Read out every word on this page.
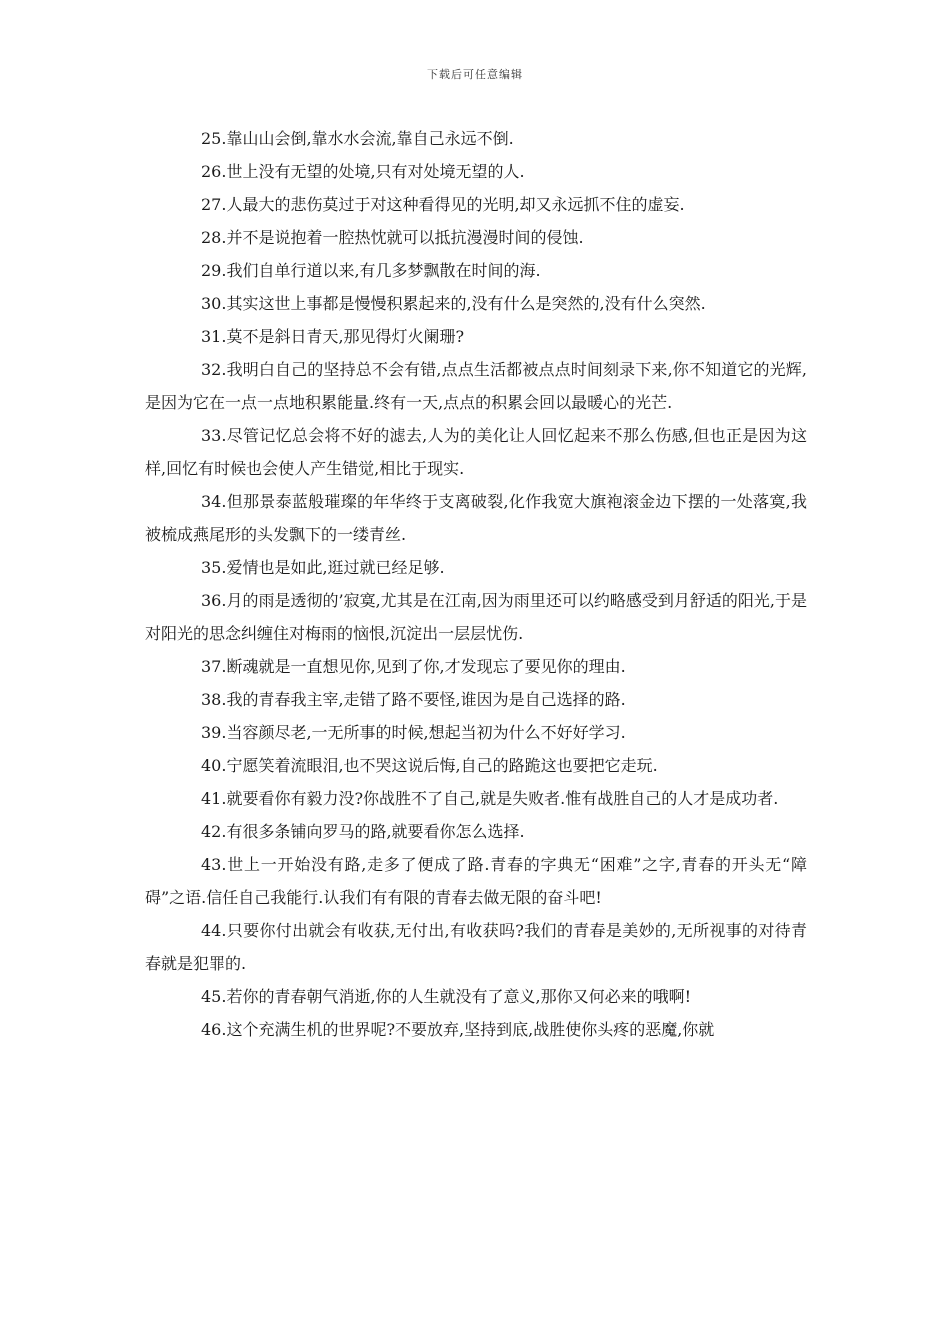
下载后可任意编辑

25.靠山山会倒,靠水水会流,靠自己永远不倒.

26.世上没有无望的处境,只有对处境无望的人.

27.人最大的悲伤莫过于对这种看得见的光明,却又永远抓不住的虚妄.

28.并不是说抱着一腔热忱就可以抵抗漫漫时间的侵蚀.

29.我们自单行道以来,有几多梦飘散在时间的海.

30.其实这世上事都是慢慢积累起来的,没有什么是突然的,没有什么突然.

31.莫不是斜日青天,那见得灯火阑珊?

32.我明白自己的坚持总不会有错,点点生活都被点点时间刻录下来,你不知道它的光辉,是因为它在一点一点地积累能量.终有一天,点点的积累会回以最暖心的光芒.

33.尽管记忆总会将不好的滤去,人为的美化让人回忆起来不那么伤感,但也正是因为这样,回忆有时候也会使人产生错觉,相比于现实.

34.但那景泰蓝般璀璨的年华终于支离破裂,化作我宽大旗袍滚金边下摆的一处落寞,我被梳成燕尾形的头发飘下的一缕青丝.

35.爱情也是如此,逛过就已经足够.

36.月的雨是透彻的’寂寞,尤其是在江南,因为雨里还可以约略感受到月舒适的阳光,于是对阳光的思念纠缠住对梅雨的恼恨,沉淀出一层层忧伤.

37.断魂就是一直想见你,见到了你,才发现忘了要见你的理由.

38.我的青春我主宰,走错了路不要怪,谁因为是自己选择的路.

39.当容颜尽老,一无所事的时候,想起当初为什么不好好学习.

40.宁愿笑着流眼泪,也不哭这说后悔,自己的路跪这也要把它走玩.

41.就要看你有毅力没?你战胜不了自己,就是失败者.惟有战胜自己的人才是成功者.

42.有很多条铺向罗马的路,就要看你怎么选择.

43.世上一开始没有路,走多了便成了路.青春的字典无“困难”之字,青春的开头无“障碍”之语.信任自己我能行.认我们有有限的青春去做无限的奋斗吧!

44.只要你付出就会有收获,无付出,有收获吗?我们的青春是美妙的,无所视事的对待青春就是犯罪的.

45.若你的青春朝气消逝,你的人生就没有了意义,那你又何必来的哦啊!

46.这个充满生机的世界呢?不要放弃,坚持到底,战胜使你头疼的恶魔,你就
